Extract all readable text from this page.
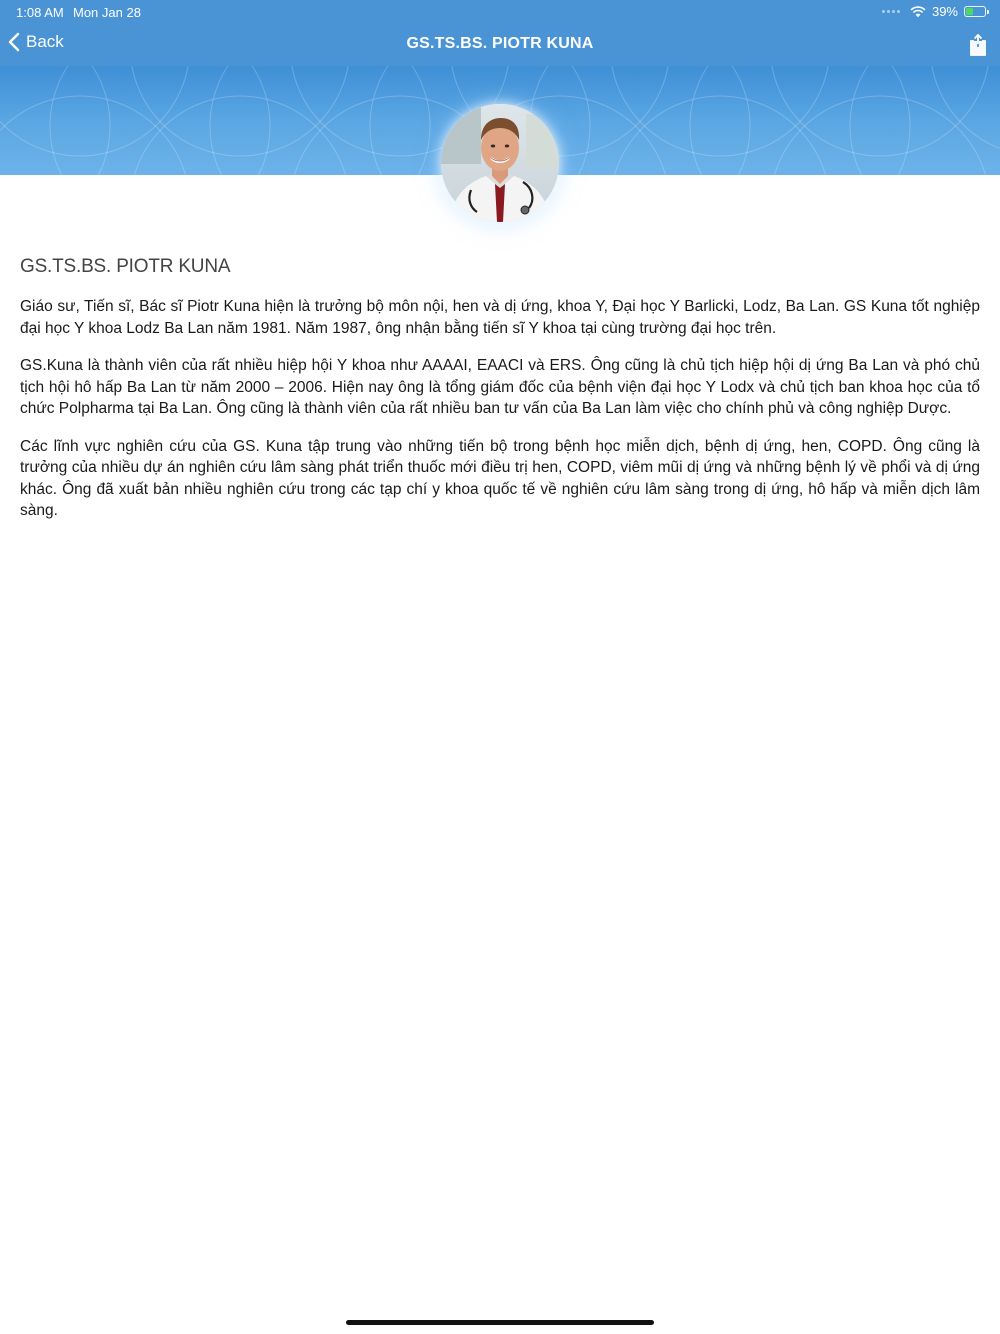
1:08 AM Mon Jan 28	39%
Back	GS.TS.BS. PIOTR KUNA
GS.TS.BS. PIOTR KUNA

Giáo sư, Tiến sĩ, Bác sĩ Piotr Kuna hiện là trưởng bộ môn nội, hen và dị ứng, khoa Y, Đại học Y Barlicki, Lodz, Ba Lan. GS Kuna tốt nghiệp đại học Y khoa Lodz Ba Lan năm 1981. Năm 1987, ông nhận bằng tiến sĩ Y khoa tại cùng trường đại học trên.

GS.Kuna là thành viên của rất nhiều hiệp hội Y khoa như AAAAI, EAACI và ERS. Ông cũng là chủ tịch hiệp hội dị ứng Ba Lan và phó chủ tịch hội hô hấp Ba Lan từ năm 2000 – 2006. Hiện nay ông là tổng giám đốc của bệnh viện đại học Y Lodx và chủ tịch ban khoa học của tổ chức Polpharma tại Ba Lan. Ông cũng là thành viên của rất nhiều ban tư vấn của Ba Lan làm việc cho chính phủ và công nghiệp Dược.

Các lĩnh vực nghiên cứu của GS. Kuna tập trung vào những tiến bộ trong bệnh học miễn dịch, bệnh dị ứng, hen, COPD. Ông cũng là trưởng của nhiều dự án nghiên cứu lâm sàng phát triển thuốc mới điều trị hen, COPD, viêm mũi dị ứng và những bệnh lý về phổi và dị ứng khác. Ông đã xuất bản nhiều nghiên cứu trong các tạp chí y khoa quốc tế về nghiên cứu lâm sàng trong dị ứng, hô hấp và miễn dịch lâm sàng.
